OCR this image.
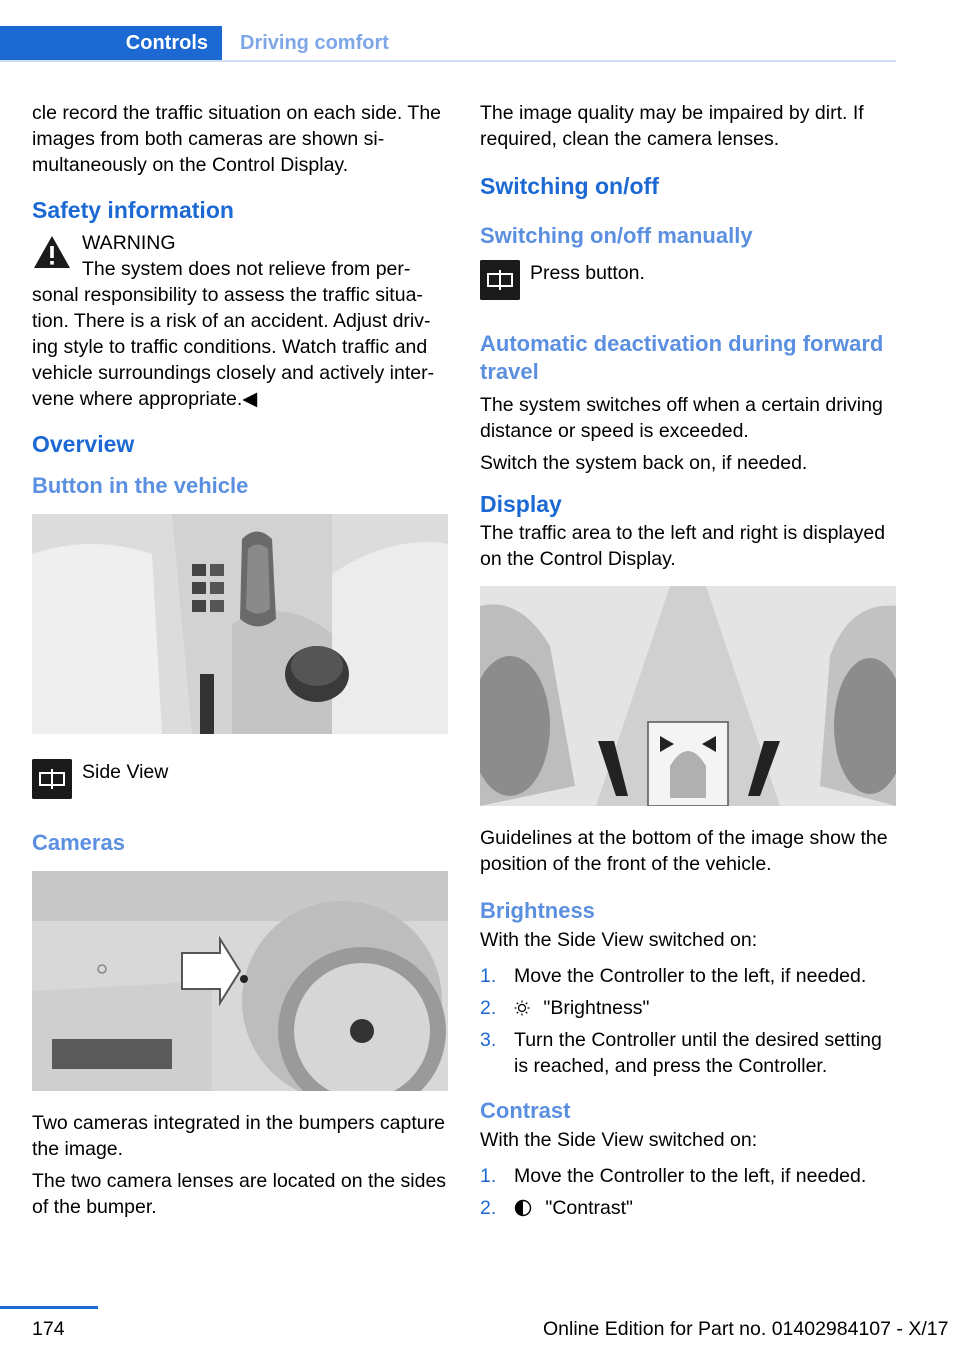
Controls	Driving comfort

cle record the traffic situation on each side. The images from both cameras are shown simultaneously on the Control Display.

Safety information
WARNING

The system does not relieve from personal responsibility to assess the traffic situation. There is a risk of an accident. Adjust driving style to traffic conditions. Watch traffic and vehicle surroundings closely and actively intervene where appropriate.◀

Overview
Button in the vehicle
Side View
Cameras

Two cameras integrated in the bumpers capture the image.

The two camera lenses are located on the sides of the bumper.

The image quality may be impaired by dirt. If required, clean the camera lenses.

Switching on/off
Switching on/off manually
Press button.
Automatic deactivation during forward travel

The system switches off when a certain driving distance or speed is exceeded.

Switch the system back on, if needed.

Display

The traffic area to the left and right is displayed on the Control Display.

Guidelines at the bottom of the image show the position of the front of the vehicle.

Brightness

With the Side View switched on:

1. Move the Controller to the left, if needed.
2. "Brightness"
3. Turn the Controller until the desired setting is reached, and press the Controller.
Contrast

With the Side View switched on:

1. Move the Controller to the left, if needed.
2.	"Contrast"
174	Online Edition for Part no. 01402984107 - X/17
